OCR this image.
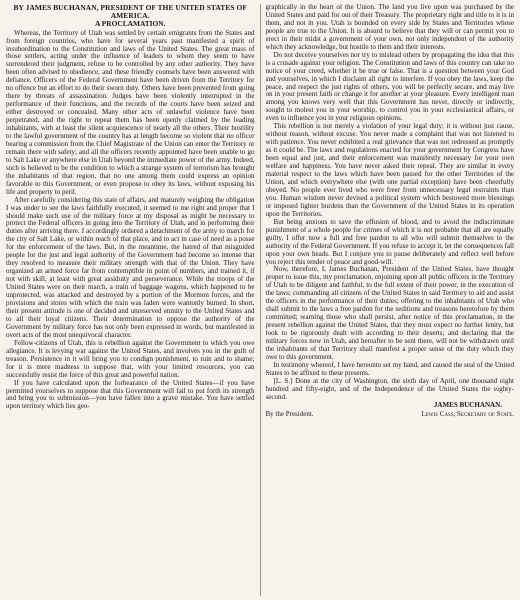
BY JAMES BUCHANAN, PRESIDENT OF THE UNITED STATES OF AMERICA.
A PROCLAMATION.

Whereas, the Territory of Utah was settled by certain emigrants from the States and from foreign countries, who have for several years past manifested a spirit of insubordination to the Constitution and laws of the United States. The great mass of those settlers, acting under the influence of leaders to whom they seem to have surrendered their judgment, refuse to be controlled by any other authority. They have been often advised to obedience, and these friendly counsels have been answered with defiance. Officers of the Federal Government have been driven from the Territory for no offence but an effort to do their sworn duty. Others have been prevented from going there by threats of assassination. Judges have been violently interrupted in the performance of their functions, and the records of the courts have been seized and either destroyed or concealed. Many other acts of unlawful violence have been perpetrated, and the right to repeat them has been openly claimed by the leading inhabitants, with at least the silent acquiescence of nearly all the others. Their hostility to the lawful government of the country has at length become so violent that no officer bearing a commission from the Chief Magistrate of the Union can enter the Territory or remain there with safety; and all the officers recently appointed have been unable to go to Salt Lake or anywhere else in Utah beyond the immediate power of the army. Indeed, such is believed to be the condition to which a strange system of terrorism has brought the inhabitants of that region, that no one among them could express an opinion favorable to this Government, or even propose to obey its laws, without exposing his life and property to peril.

After carefully considering this state of affairs, and maturely weighing the obligation I was under to see the laws faithfully executed, it seemed to me right and proper that I should make such use of the military force at my disposal as might be necessary to protect the Federal officers in going into the Territory of Utah, and in performing their duties after arriving there. I accordingly ordered a detachment of the army to march for the city of Salt Lake, or within reach of that place, and to act in case of need as a posse for the enforcement of the laws. But, in the meantime, the hatred of that misguided people for the just and legal authority of the Government had become so intense that they resolved to measure their military strength with that of the Union. They have organized an armed force far from contemptible in point of numbers, and trained it, if not with skill, at least with great assiduity and perseverance. While the troops of the United States were on their march, a train of baggage wagons, which happened to be unprotected, was attacked and destroyed by a portion of the Mormon forces, and the provisions and stores with which the train was laden were wantonly burned. In short, their present attitude is one of decided and unreserved enmity to the United States and to all their loyal citizens. Their determination to oppose the authority of the Government by military force has not only been expressed in words, but manifested in overt acts of the most unequivocal character.

Fellow-citizens of Utah, this is rebellion against the Government to which you owe allegiance. It is levying war against the United States, and involves you in the guilt of treason. Persistence in it will bring you to condign punishment, to ruin and to shame; for it is mere madness to suppose that, with your limited resources, you can successfully resist the force of this great and powerful nation.

If you have calculated upon the forbearance of the United States—if you have permitted yourselves to suppose that this Government will fail to put forth its strength and bring you to submission—you have fallen into a grave mistake. You have settled upon territory which lies geo-

graphically in the heart of the Union. The land you live upon was purchased by the United States and paid for out of their Treasury. The proprietary right and title to it is in them, and not in you. Utah is bounded on every side by States and Territories whose people are true to the Union. It is absurd to believe that they will or can permit you to erect in their midst a government of your own, not only independent of the authority which they acknowledge, but hostile to them and their interests.

Do not deceive yourselves nor try to mislead others by propagating the idea that this is a crusade against your religion. The Constitution and laws of this country can take no notice of your creed, whether it be true or false. That is a question between your God and yourselves, in which I disclaim all right to interfere. If you obey the laws, keep the peace, and respect the just rights of others, you will be perfectly secure, and may live on in your present faith or change it for another at your pleasure. Every intelligent man among you knows very well that this Government has never, directly or indirectly, sought to molest you in your worship, to control you in your ecclesiastical affairs, or even to influence you in your religious opinions.

This rebellion is not merely a violation of your legal duty; it is without just cause, without reason, without excuse. You never made a complaint that was not listened to with patience. You never exhibited a real grievance that was not redressed as promptly as it could be. The laws and regulations enacted for your government by Congress have been equal and just, and their enforcement was manifestly necessary for your own welfare and happiness. You have never asked their repeal. They are similar in every material respect to the laws which have been passed for the other Territories of the Union, and which everywhere else (with one partial exception) have been cheerfully obeyed. No people ever lived who were freer from unnecessary legal restraints than you. Human wisdom never devised a political system which bestowed more blessings or imposed lighter burdens than the Government of the United States in its operation upon the Territories.

But being anxious to save the effusion of blood, and to avoid the indiscriminate punishment of a whole people for crimes of which it is not probable that all are equally guilty, I offer now a full and free pardon to all who will submit themselves to the authority of the Federal Government. If you refuse to accept it, let the consequences fall upon your own heads. But I conjure you to pause deliberately and reflect well before you reject this tender of peace and good-will.

Now, therefore, I, James Buchanan, President of the United States, have thought proper to issue this, my proclamation, enjoining upon all public officers in the Territory of Utah to be diligent and faithful, to the full extent of their power, in the execution of the laws; commanding all citizens of the United States in said Territory to aid and assist the officers in the performance of their duties; offering to the inhabitants of Utah who shall submit to the laws a free pardon for the seditions and treasons heretofore by them committed; warning those who shall persist, after notice of this proclamation, in the present rebellion against the United States, that they must expect no further lenity, but look to be rigorously dealt with according to their deserts; and declaring that the military forces now in Utah, and hereafter to be sent there, will not be withdrawn until the inhabitants of that Territory shall manifest a proper sense of the duty which they owe to this government.

In testimony whereof, I have hereunto set my hand, and caused the seal of the United States to be affixed to these presents.

[L. S.] Done at the city of Washington, the sixth day of April, one thousand eight hundred and fifty-eight, and of the Independence of the United States the eighty-second.

JAMES BUCHANAN.
By the President.	Lewis Cass, Secretary of State.
